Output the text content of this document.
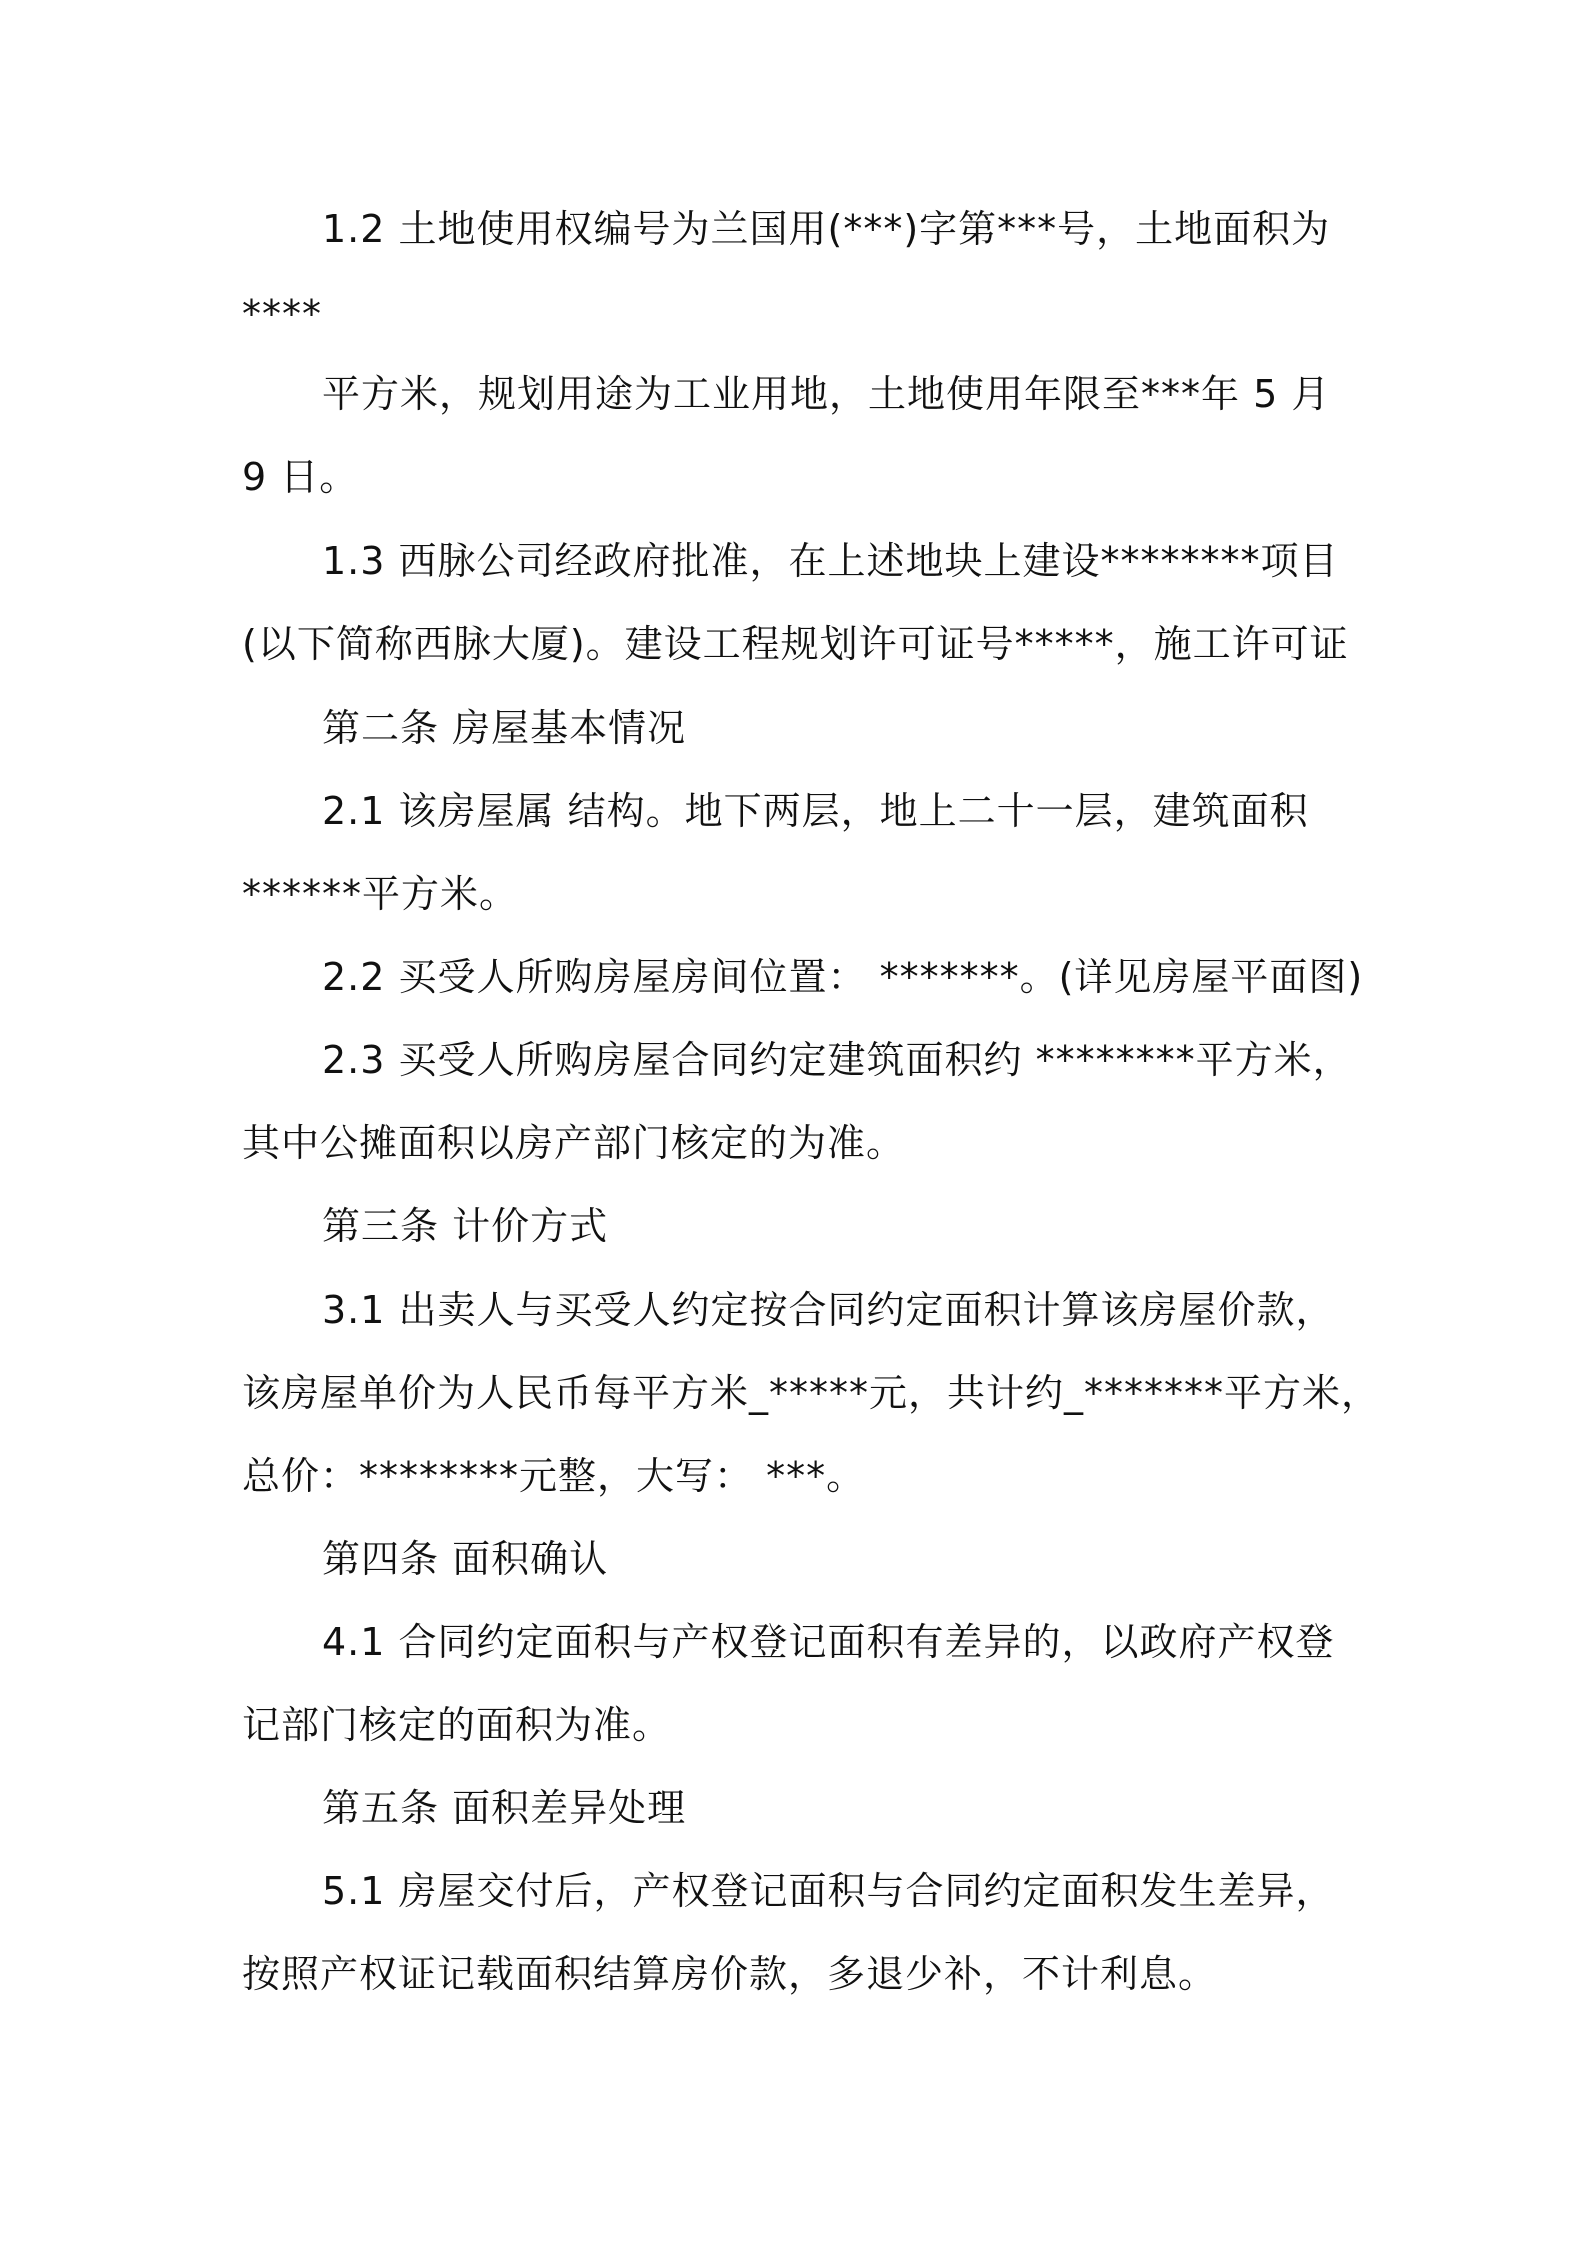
1.2 土地使用权编号为兰国用(***)字第***号，土地面积为
****
平方米，规划用途为工业用地，土地使用年限至***年 5 月
9 日。
1.3 西脉公司经政府批准，在上述地块上建设********项目
(以下简称西脉大厦)。建设工程规划许可证号*****，施工许可证
第二条 房屋基本情况
2.1 该房屋属 结构。地下两层，地上二十一层，建筑面积
******平方米。
2.2 买受人所购房屋房间位置： *******。(详见房屋平面图)
2.3 买受人所购房屋合同约定建筑面积约 ********平方米，
其中公摊面积以房产部门核定的为准。
第三条 计价方式
3.1 出卖人与买受人约定按合同约定面积计算该房屋价款，
该房屋单价为人民币每平方米_*****元，共计约_*******平方米，
总价：********元整，大写： ***。
第四条 面积确认
4.1 合同约定面积与产权登记面积有差异的，以政府产权登
记部门核定的面积为准。
第五条 面积差异处理
5.1 房屋交付后，产权登记面积与合同约定面积发生差异，
按照产权证记载面积结算房价款，多退少补，不计利息。
